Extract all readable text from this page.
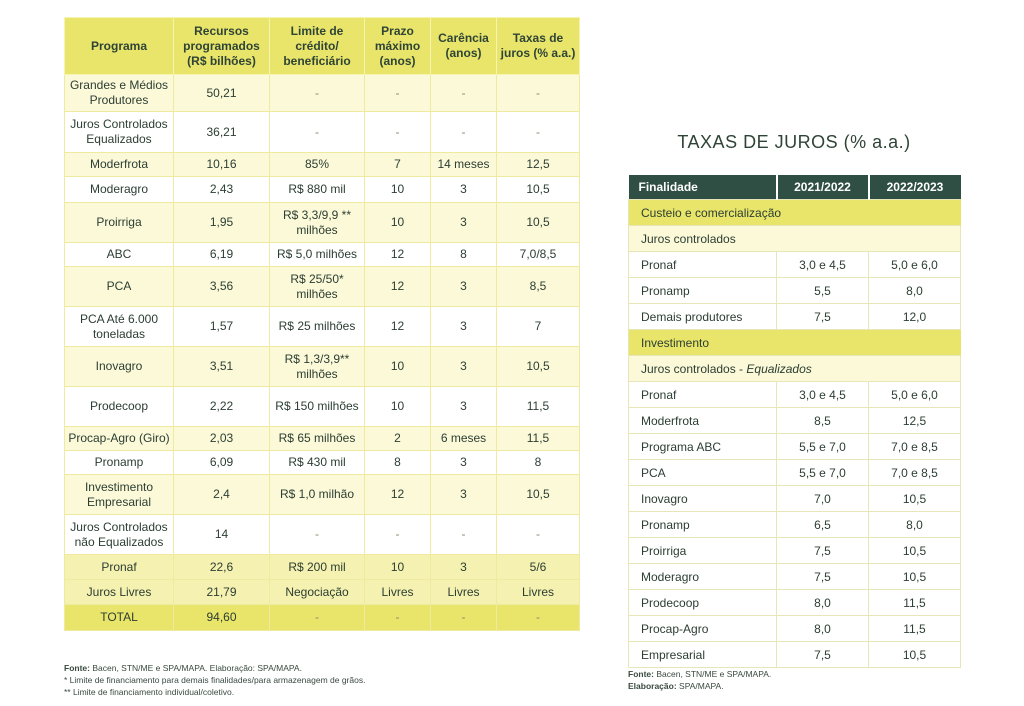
Programa	Recursos programados (R$ bilhões)	Limite de crédito/ beneficiário	Prazo máximo (anos)	Carência (anos)	Taxas de juros (% a.a.)
Grandes e Médios Produtores	50,21	-	-	-	-
Juros Controlados Equalizados	36,21	-	-	-	-
Moderfrota	10,16	85%	7	14 meses	12,5
Moderagro	2,43	R$ 880 mil	10	3	10,5
Proirriga	1,95	R$ 3,3/9,9 ** milhões	10	3	10,5
ABC	6,19	R$ 5,0 milhões	12	8	7,0/8,5
PCA	3,56	R$ 25/50* milhões	12	3	8,5
PCA Até 6.000 toneladas	1,57	R$ 25 milhões	12	3	7
Inovagro	3,51	R$ 1,3/3,9** milhões	10	3	10,5
Prodecoop	2,22	R$ 150 milhões	10	3	11,5
Procap-Agro (Giro)	2,03	R$ 65 milhões	2	6 meses	11,5
Pronamp	6,09	R$ 430 mil	8	3	8
Investimento Empresarial	2,4	R$ 1,0 milhão	12	3	10,5
Juros Controlados não Equalizados	14	-	-	-	-
Pronaf	22,6	R$ 200 mil	10	3	5/6
Juros Livres	21,79	Negociação	Livres	Livres	Livres
TOTAL	94,60	-	-	-	-
Fonte: Bacen, STN/ME e SPA/MAPA. Elaboração: SPA/MAPA.
* Limite de financiamento para demais finalidades/para armazenagem de grãos.
** Limite de financiamento individual/coletivo.
TAXAS DE JUROS (% a.a.)
Finalidade	2021/2022	2022/2023
Custeio e comercialização		
Juros controlados		
Pronaf	3,0 e 4,5	5,0 e 6,0
Pronamp	5,5	8,0
Demais produtores	7,5	12,0
Investimento		
Juros controlados - Equalizados		
Pronaf	3,0 e 4,5	5,0 e 6,0
Moderfrota	8,5	12,5
Programa ABC	5,5 e 7,0	7,0 e 8,5
PCA	5,5 e 7,0	7,0 e 8,5
Inovagro	7,0	10,5
Pronamp	6,5	8,0
Proirriga	7,5	10,5
Moderagro	7,5	10,5
Prodecoop	8,0	11,5
Procap-Agro	8,0	11,5
Empresarial	7,5	10,5
Fonte: Bacen, STN/ME e SPA/MAPA.
Elaboração: SPA/MAPA.
